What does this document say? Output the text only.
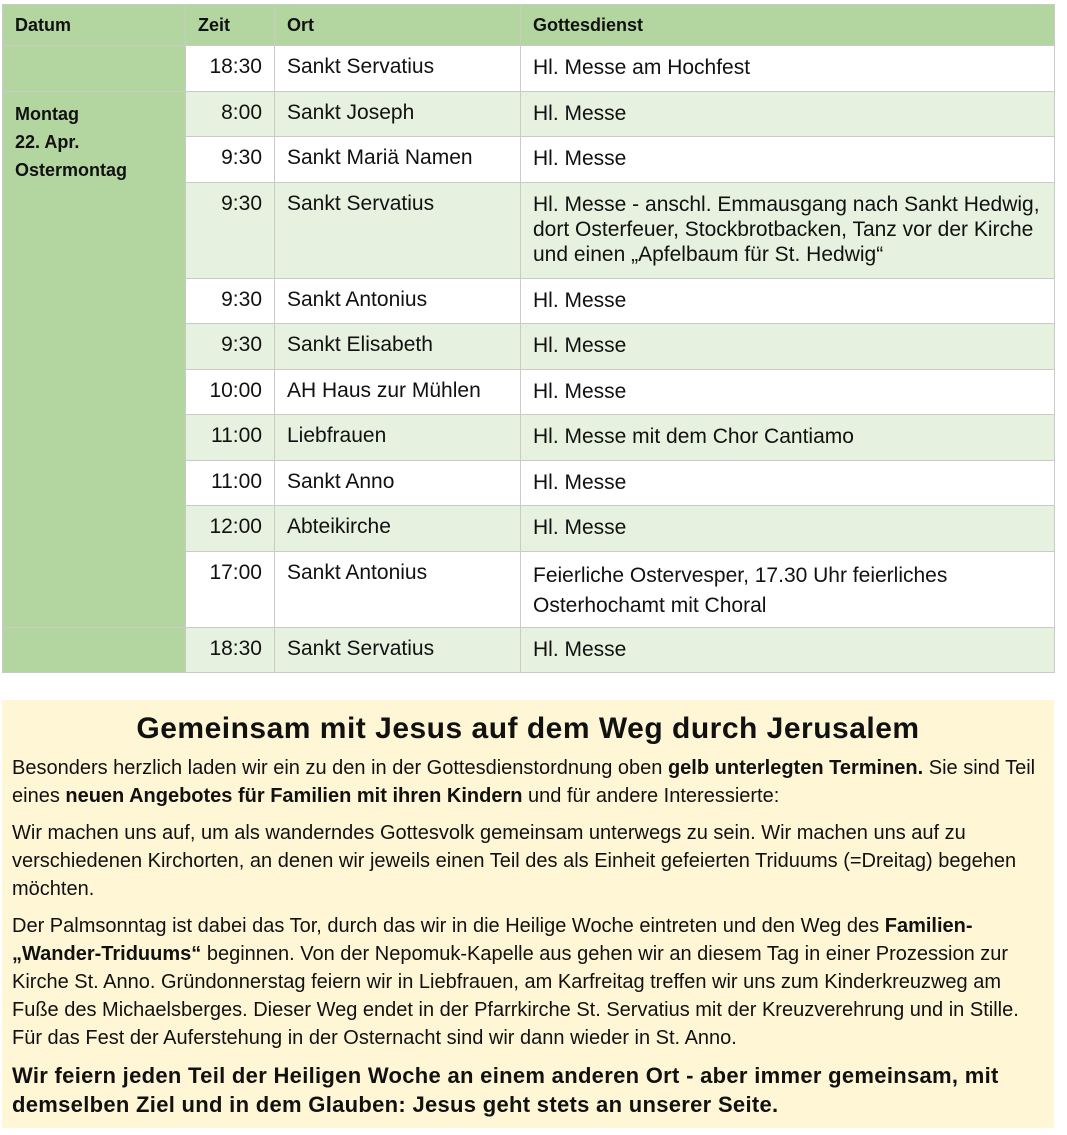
Datum	Zeit	Ort	Gottesdienst
	18:30	Sankt Servatius	Hl. Messe am Hochfest

Montag
22. Apr.
Ostermontag	8:00	Sankt Joseph	Hl. Messe
	9:30	Sankt Mariä Namen	Hl. Messe
	9:30	Sankt Servatius	Hl. Messe - anschl. Emmausgang nach Sankt Hedwig, dort Osterfeuer, Stockbrotbacken, Tanz vor der Kirche und einen „Apfelbaum für St. Hedwig“
	9:30	Sankt Antonius	Hl. Messe
	9:30	Sankt Elisabeth	Hl. Messe
	10:00	AH Haus zur Mühlen	Hl. Messe
	11:00	Liebfrauen	Hl. Messe mit dem Chor Cantiamo
	11:00	Sankt Anno	Hl. Messe
	12:00	Abteikirche	Hl. Messe
	17:00	Sankt Antonius	Feierliche Ostervesper, 17.30 Uhr feierliches Osterhochamt mit Choral
	18:30	Sankt Servatius	Hl. Messe
Gemeinsam mit Jesus auf dem Weg durch Jerusalem

Besonders herzlich laden wir ein zu den in der Gottesdienstordnung oben gelb unterlegten Terminen. Sie sind Teil eines neuen Angebotes für Familien mit ihren Kindern und für andere Interessierte:

Wir machen uns auf, um als wanderndes Gottesvolk gemeinsam unterwegs zu sein. Wir machen uns auf zu verschiedenen Kirchorten, an denen wir jeweils einen Teil des als Einheit gefeierten Triduums (=Dreitag) begehen möchten.

Der Palmsonntag ist dabei das Tor, durch das wir in die Heilige Woche eintreten und den Weg des Familien-„Wander-Triduums“ beginnen. Von der Nepomuk-Kapelle aus gehen wir an diesem Tag in einer Prozession zur Kirche St. Anno. Gründonnerstag feiern wir in Liebfrauen, am Karfreitag treffen wir uns zum Kinderkreuzweg am Fuße des Michaelsberges. Dieser Weg endet in der Pfarrkirche St. Servatius mit der Kreuzverehrung und in Stille. Für das Fest der Auferstehung in der Osternacht sind wir dann wieder in St. Anno.

Wir feiern jeden Teil der Heiligen Woche an einem anderen Ort - aber immer gemeinsam, mit demselben Ziel und in dem Glauben: Jesus geht stets an unserer Seite.
